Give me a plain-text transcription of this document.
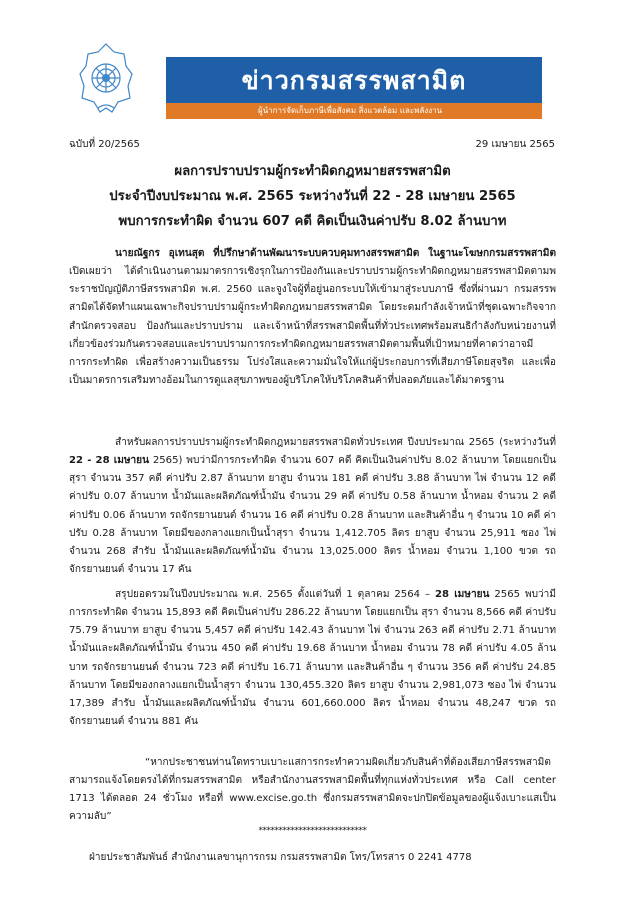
ข่าวกรมสรรพสามิต
ผู้นำการจัดเก็บภาษีเพื่อสังคม สิ่งแวดล้อม และพลังงาน
ฉบับที่ 20/2565	29 เมษายน 2565
ผลการปราบปรามผู้กระทำผิดกฎหมายสรรพสามิต
ประจำปีงบประมาณ พ.ศ. 2565 ระหว่างวันที่ 22 - 28 เมษายน 2565
พบการกระทำผิด จำนวน 607 คดี คิดเป็นเงินค่าปรับ 8.02 ล้านบาท
นายณัฐกร อุเทนสุต ที่ปรึกษาด้านพัฒนาระบบควบคุมทางสรรพสามิต ในฐานะโฆษกกรมสรรพสามิต เปิดเผยว่า ได้ดำเนินงานตามมาตรการเชิงรุกในการป้องกันและปราบปรามผู้กระทำผิดกฎหมายสรรพสามิตตามพระราชบัญญัติภาษีสรรพสามิต พ.ศ. 2560 และจูงใจผู้ที่อยู่นอกระบบให้เข้ามาสู่ระบบภาษี ซึ่งที่ผ่านมา กรมสรรพสามิตได้จัดทำแผนเฉพาะกิจปราบปรามผู้กระทำผิดกฎหมายสรรพสามิต โดยระดมกำลังเจ้าหน้าที่ชุดเฉพาะกิจจากสำนักตรวจสอบ ป้องกันและปราบปราม และเจ้าหน้าที่สรรพสามิตพื้นที่ทั่วประเทศพร้อมสนธิกำลังกับหน่วยงานที่เกี่ยวข้องร่วมกันตรวจสอบและปราบปรามการกระทำผิดกฎหมายสรรพสามิตตามพื้นที่เป้าหมายที่คาดว่าอาจมีการกระทำผิด เพื่อสร้างความเป็นธรรม โปร่งใสและความมั่นใจให้แก่ผู้ประกอบการที่เสียภาษีโดยสุจริต และเพื่อเป็นมาตรการเสริมทางอ้อมในการดูแลสุขภาพของผู้บริโภคให้บริโภคสินค้าที่ปลอดภัยและได้มาตรฐาน
สำหรับผลการปราบปรามผู้กระทำผิดกฎหมายสรรพสามิตทั่วประเทศ ปีงบประมาณ 2565 (ระหว่างวันที่ 22 - 28 เมษายน 2565) พบว่ามีการกระทำผิด จำนวน 607 คดี คิดเป็นเงินค่าปรับ 8.02 ล้านบาท โดยแยกเป็น สุรา จำนวน 357 คดี ค่าปรับ 2.87 ล้านบาท ยาสูบ จำนวน 181 คดี ค่าปรับ 3.88 ล้านบาท ไพ่ จำนวน 12 คดี ค่าปรับ 0.07 ล้านบาท น้ำมันและผลิตภัณฑ์น้ำมัน จำนวน 29 คดี ค่าปรับ 0.58 ล้านบาท น้ำหอม จำนวน 2 คดี ค่าปรับ 0.06 ล้านบาท รถจักรยานยนต์ จำนวน 16 คดี ค่าปรับ 0.28 ล้านบาท และสินค้าอื่น ๆ จำนวน 10 คดี ค่าปรับ 0.28 ล้านบาท โดยมีของกลางแยกเป็นน้ำสุรา จำนวน 1,412.705 ลิตร ยาสูบ จำนวน 25,911 ซอง ไพ่ จำนวน 268 สำรับ น้ำมันและผลิตภัณฑ์น้ำมัน จำนวน 13,025.000 ลิตร น้ำหอม จำนวน 1,100 ขวด รถจักรยานยนต์ จำนวน 17 คัน
สรุปยอดรวมในปีงบประมาณ พ.ศ. 2565 ตั้งแต่วันที่ 1 ตุลาคม 2564 – 28 เมษายน 2565 พบว่ามีการกระทำผิด จำนวน 15,893 คดี คิดเป็นค่าปรับ 286.22 ล้านบาท โดยแยกเป็น สุรา จำนวน 8,566 คดี ค่าปรับ 75.79 ล้านบาท ยาสูบ จำนวน 5,457 คดี ค่าปรับ 142.43 ล้านบาท ไพ่ จำนวน 263 คดี ค่าปรับ 2.71 ล้านบาท น้ำมันและผลิตภัณฑ์น้ำมัน จำนวน 450 คดี ค่าปรับ 19.68 ล้านบาท น้ำหอม จำนวน 78 คดี ค่าปรับ 4.05 ล้านบาท รถจักรยานยนต์ จำนวน 723 คดี ค่าปรับ 16.71 ล้านบาท และสินค้าอื่น ๆ จำนวน 356 คดี ค่าปรับ 24.85 ล้านบาท โดยมีของกลางแยกเป็นน้ำสุรา จำนวน 130,455.320 ลิตร ยาสูบ จำนวน 2,981,073 ซอง ไพ่ จำนวน 17,389 สำรับ น้ำมันและผลิตภัณฑ์น้ำมัน จำนวน 601,660.000 ลิตร น้ำหอม จำนวน 48,247 ขวด รถจักรยานยนต์ จำนวน 881 คัน
“หากประชาชนท่านใดทราบเบาะแสการกระทำความผิดเกี่ยวกับสินค้าที่ต้องเสียภาษีสรรพสามิตสามารถแจ้งโดยตรงได้ที่กรมสรรพสามิต หรือสำนักงานสรรพสามิตพื้นที่ทุกแห่งทั่วประเทศ หรือ Call center 1713 ได้ตลอด 24 ชั่วโมง หรือที่ www.excise.go.th ซึ่งกรมสรรพสามิตจะปกปิดข้อมูลของผู้แจ้งเบาะแสเป็นความลับ”
***************************
ฝ่ายประชาสัมพันธ์ สำนักงานเลขานุการกรม กรมสรรพสามิต โทร/โทรสาร 0 2241 4778
